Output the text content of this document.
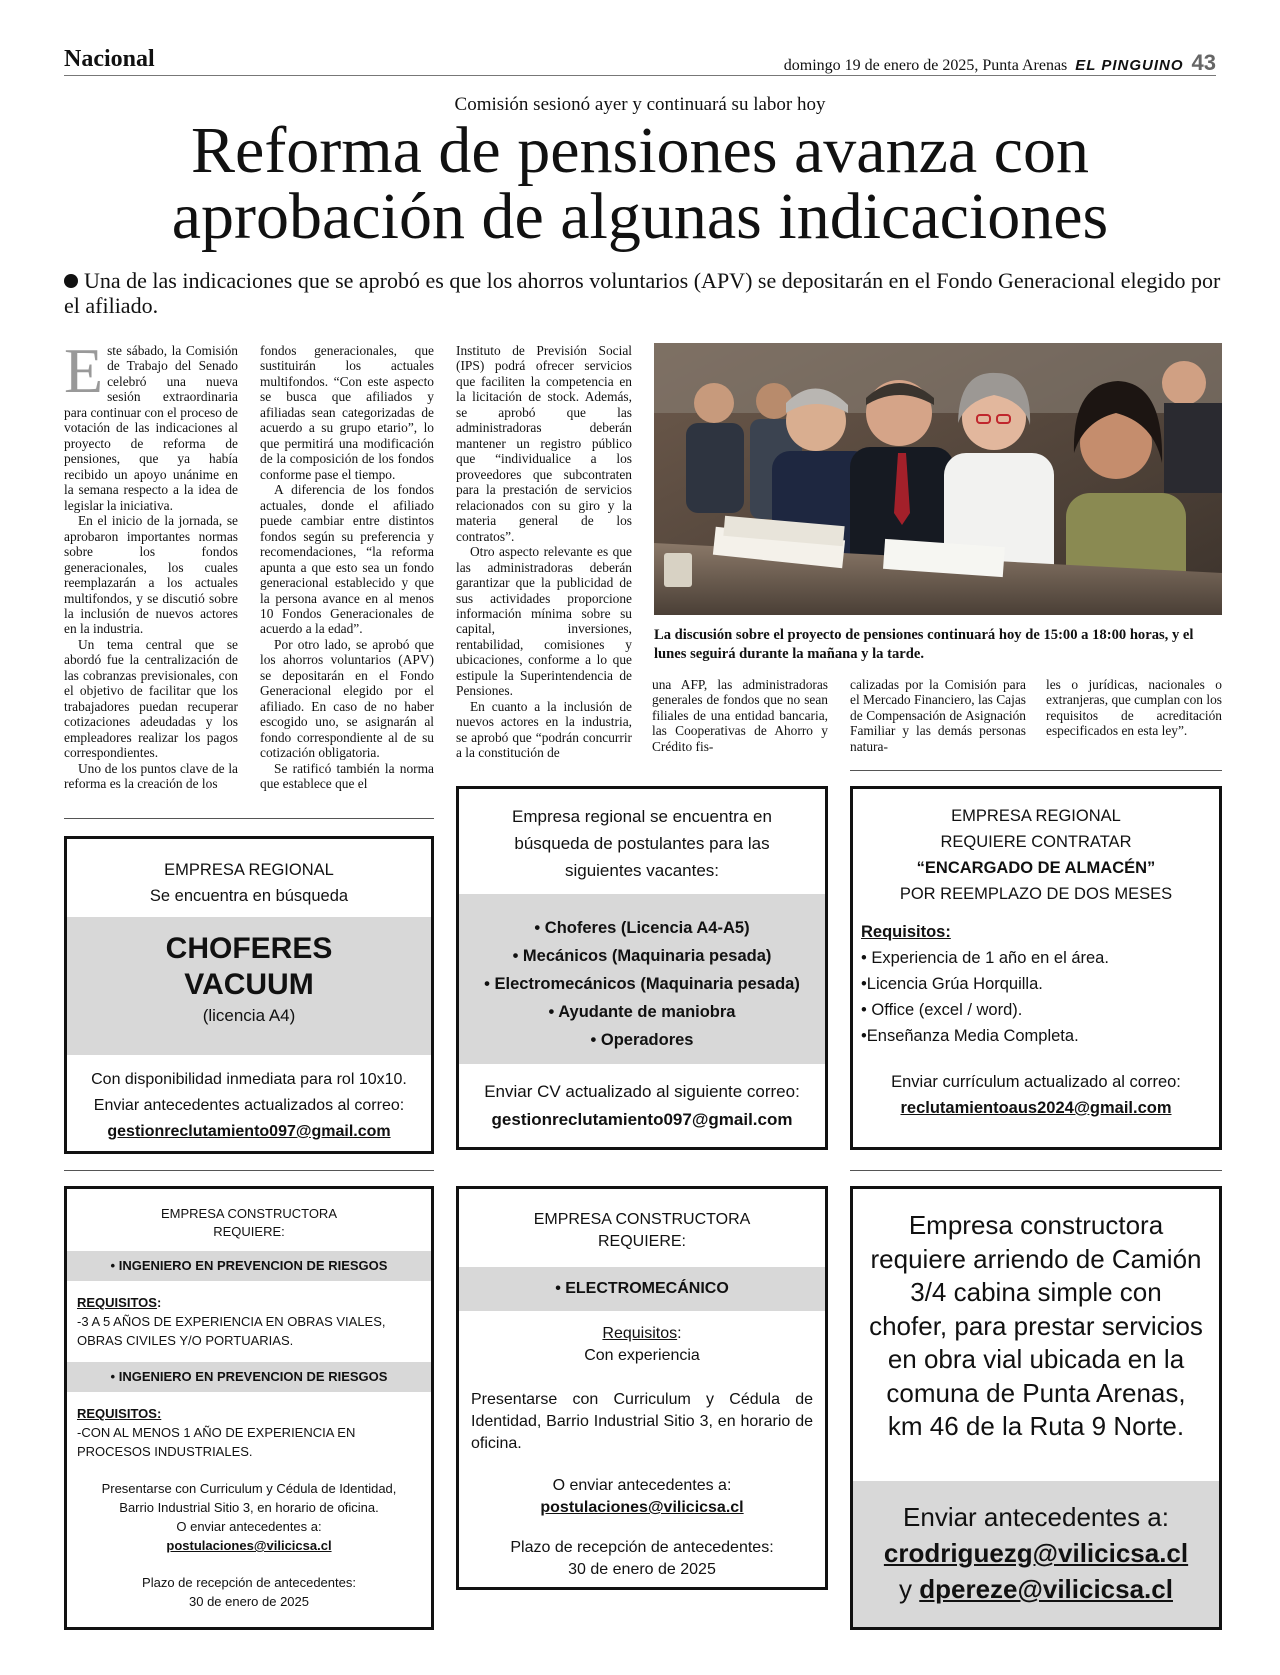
Nacional	domingo 19 de enero de 2025, Punta Arenas EL PINGUINO 43
Comisión sesionó ayer y continuará su labor hoy
Reforma de pensiones avanza con
aprobación de algunas indicaciones
Una de las indicaciones que se aprobó es que los ahorros voluntarios (APV) se depositarán en el Fondo Generacional elegido por el afiliado.

Este sábado, la Comisión de Trabajo del Senado celebró una nueva sesión extraordinaria para continuar con el proceso de votación de las indicaciones al proyecto de reforma de pensiones, que ya había recibido un apoyo unánime en la semana respecto a la idea de legislar la iniciativa.

En el inicio de la jornada, se aprobaron importantes normas sobre los fondos generacionales, los cuales reemplazarán a los actuales multifondos, y se discutió sobre la inclusión de nuevos actores en la industria.

Un tema central que se abordó fue la centralización de las cobranzas previsionales, con el objetivo de facilitar que los trabajadores puedan recuperar cotizaciones adeudadas y los empleadores realizar los pagos correspondientes.

Uno de los puntos clave de la reforma es la creación de los

fondos generacionales, que sustituirán los actuales multifondos. “Con este aspecto se busca que afiliados y afiliadas sean categorizadas de acuerdo a su grupo etario”, lo que permitirá una modificación de la composición de los fondos conforme pase el tiempo.

A diferencia de los fondos actuales, donde el afiliado puede cambiar entre distintos fondos según su preferencia y recomendaciones, “la reforma apunta a que esto sea un fondo generacional establecido y que la persona avance en al menos 10 Fondos Generacionales de acuerdo a la edad”.

Por otro lado, se aprobó que los ahorros voluntarios (APV) se depositarán en el Fondo Generacional elegido por el afiliado. En caso de no haber escogido uno, se asignarán al fondo correspondiente al de su cotización obligatoria.

Se ratificó también la norma que establece que el

Instituto de Previsión Social (IPS) podrá ofrecer servicios que faciliten la competencia en la licitación de stock. Además, se aprobó que las administradoras deberán mantener un registro público que “individualice a los proveedores que subcontraten para la prestación de servicios relacionados con su giro y la materia general de los contratos”.

Otro aspecto relevante es que las administradoras deberán garantizar que la publicidad de sus actividades proporcione información mínima sobre su capital, inversiones, rentabilidad, comisiones y ubicaciones, conforme a lo que estipule la Superintendencia de Pensiones.

En cuanto a la inclusión de nuevos actores en la industria, se aprobó que “podrán concurrir a la constitución de

La discusión sobre el proyecto de pensiones continuará hoy de 15:00 a 18:00 horas, y el lunes seguirá durante la mañana y la tarde.

una AFP, las administradoras generales de fondos que no sean filiales de una entidad bancaria, las Cooperativas de Ahorro y Crédito fis-

calizadas por la Comisión para el Mercado Financiero, las Cajas de Compensación de Asignación Familiar y las demás personas natura-

les o jurídicas, nacionales o extranjeras, que cumplan con los requisitos de acreditación especificados en esta ley”.

EMPRESA REGIONAL
Se encuentra en búsqueda
CHOFERES
VACUUM
(licencia A4)
Con disponibilidad inmediata para rol 10x10.
Enviar antecedentes actualizados al correo:
gestionreclutamiento097@gmail.com
Empresa regional se encuentra en búsqueda de postulantes para las siguientes vacantes:
• Choferes (Licencia A4-A5)
• Mecánicos (Maquinaria pesada)
• Electromecánicos (Maquinaria pesada)
• Ayudante de maniobra
• Operadores
Enviar CV actualizado al siguiente correo:
gestionreclutamiento097@gmail.com
EMPRESA REGIONAL
REQUIERE CONTRATAR
“ENCARGADO DE ALMACÉN”
POR REEMPLAZO DE DOS MESES
Requisitos:
• Experiencia de 1 año en el área.
•Licencia Grúa Horquilla.
• Office (excel / word).
•Enseñanza Media Completa.
Enviar currículum actualizado al correo:
reclutamientoaus2024@gmail.com
EMPRESA CONSTRUCTORA
REQUIERE:
• INGENIERO EN PREVENCION DE RIESGOS
REQUISITOS:
-3 A 5 AÑOS DE EXPERIENCIA EN OBRAS VIALES, OBRAS CIVILES Y/O PORTUARIAS.
• INGENIERO EN PREVENCION DE RIESGOS
REQUISITOS:
-CON AL MENOS 1 AÑO DE EXPERIENCIA EN PROCESOS INDUSTRIALES.
Presentarse con Curriculum y Cédula de Identidad,
Barrio Industrial Sitio 3, en horario de oficina.
O enviar antecedentes a:
postulaciones@vilicicsa.cl
Plazo de recepción de antecedentes:
30 de enero de 2025
EMPRESA CONSTRUCTORA
REQUIERE:
• ELECTROMECÁNICO
Requisitos:
Con experiencia
Presentarse con Curriculum y Cédula de Identidad, Barrio Industrial Sitio 3, en horario de oficina.
O enviar antecedentes a:
postulaciones@vilicicsa.cl
Plazo de recepción de antecedentes:
30 de enero de 2025
Empresa constructora requiere arriendo de Camión 3/4 cabina simple con chofer, para prestar servicios en obra vial ubicada en la comuna de Punta Arenas, km 46 de la Ruta 9 Norte.
Enviar antecedentes a:
crodriguezg@vilicicsa.cl
y dpereze@vilicicsa.cl
